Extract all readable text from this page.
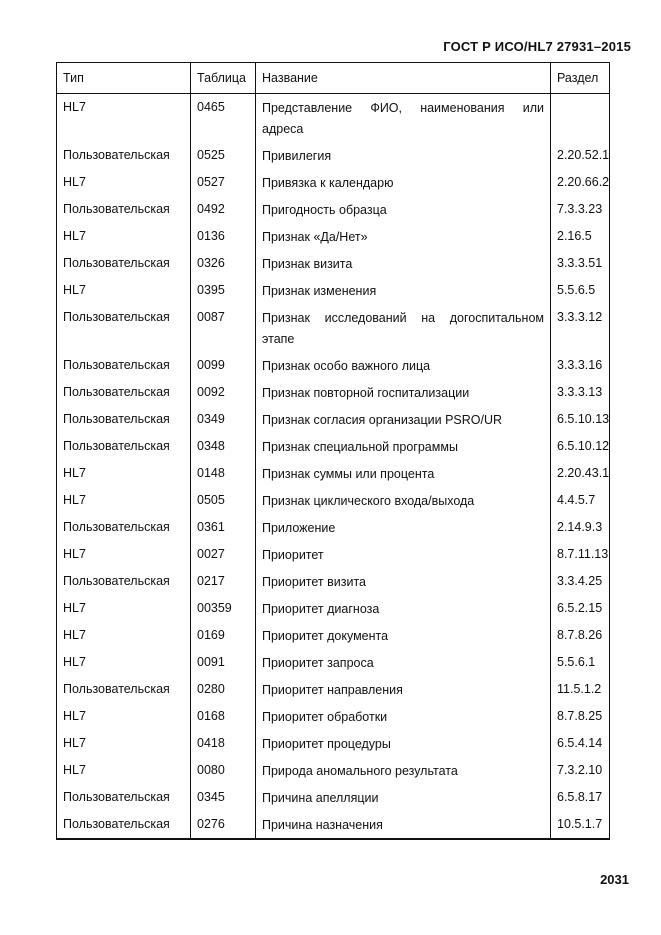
ГОСТ Р ИСО/HL7 27931–2015
Тип	Таблица	Название	Раздел
HL7	0465	Представление ФИО, наименования или адреса	
Пользовательская	0525	Привилегия	2.20.52.1
HL7	0527	Привязка к календарю	2.20.66.2
Пользовательская	0492	Пригодность образца	7.3.3.23
HL7	0136	Признак «Да/Нет»	2.16.5
Пользовательская	0326	Признак визита	3.3.3.51
HL7	0395	Признак изменения	5.5.6.5
Пользовательская	0087	Признак исследований на догоспитальном этапе	3.3.3.12
Пользовательская	0099	Признак особо важного лица	3.3.3.16
Пользовательская	0092	Признак повторной госпитализации	3.3.3.13
Пользовательская	0349	Признак согласия организации PSRO/UR	6.5.10.13
Пользовательская	0348	Признак специальной программы	6.5.10.12
HL7	0148	Признак суммы или процента	2.20.43.1
HL7	0505	Признак циклического входа/выхода	4.4.5.7
Пользовательская	0361	Приложение	2.14.9.3
HL7	0027	Приоритет	8.7.11.13
Пользовательская	0217	Приоритет визита	3.3.4.25
HL7	00359	Приоритет диагноза	6.5.2.15
HL7	0169	Приоритет документа	8.7.8.26
HL7	0091	Приоритет запроса	5.5.6.1
Пользовательская	0280	Приоритет направления	11.5.1.2
HL7	0168	Приоритет обработки	8.7.8.25
HL7	0418	Приоритет процедуры	6.5.4.14
HL7	0080	Природа аномального результата	7.3.2.10
Пользовательская	0345	Причина апелляции	6.5.8.17
Пользовательская	0276	Причина назначения	10.5.1.7
2031
